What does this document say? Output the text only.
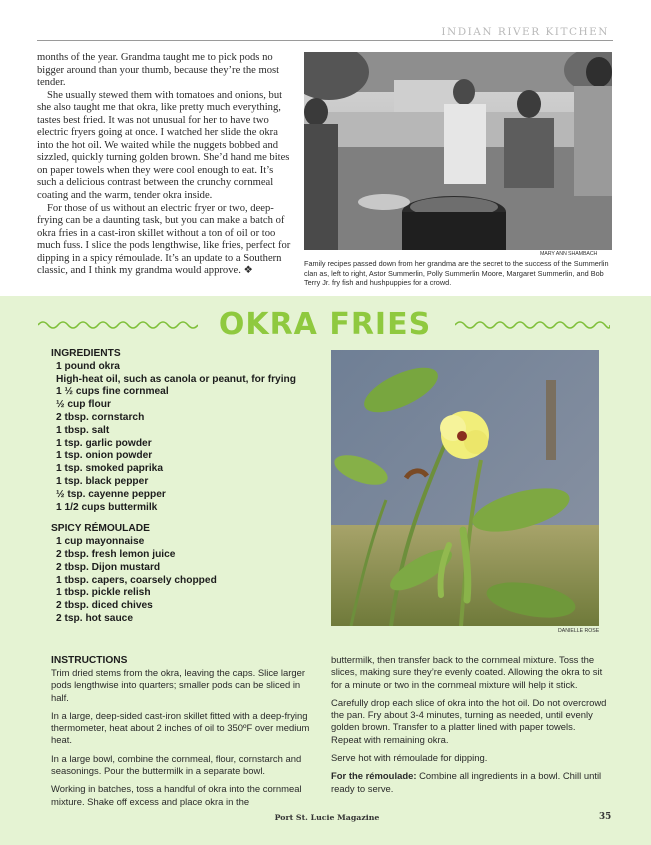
INDIAN RIVER KITCHEN

months of the year. Grandma taught me to pick pods no bigger around than your thumb, because they’re the most tender.

She usually stewed them with tomatoes and onions, but she also taught me that okra, like pretty much everything, tastes best fried. It was not unusual for her to have two electric fryers going at once. I watched her slide the okra into the hot oil. We waited while the nuggets bobbed and sizzled, quickly turning golden brown. She’d hand me bites on paper towels when they were cool enough to eat. It’s such a delicious contrast between the crunchy cornmeal coating and the warm, tender okra inside.

For those of us without an electric fryer or two, deep-frying can be a daunting task, but you can make a batch of okra fries in a cast-iron skillet without a ton of oil or too much fuss. I slice the pods lengthwise, like fries, perfect for dipping in a spicy rémoulade. It’s an update to a Southern classic, and I think my grandma would approve. ❖

MARY ANN SHAMBACH
Family recipes passed down from her grandma are the secret to the success of the Summerlin clan as, left to right, Astor Summerlin, Polly Summerlin Moore, Margaret Summerlin, and Bob Terry Jr. fry fish and hushpuppies for a crowd.
OKRA FRIES
INGREDIENTS
1 pound okra
High-heat oil, such as canola or peanut, for frying
1 ½ cups fine cornmeal
½ cup flour
2 tbsp. cornstarch
1 tbsp. salt
1 tsp. garlic powder
1 tsp. onion powder
1 tsp. smoked paprika
1 tsp. black pepper
½ tsp. cayenne pepper
1 1/2 cups buttermilk
SPICY RÉMOULADE
1 cup mayonnaise
2 tbsp. fresh lemon juice
2 tbsp. Dijon mustard
1 tbsp. capers, coarsely chopped
1 tbsp. pickle relish
2 tbsp. diced chives
2 tsp. hot sauce
DANIELLE ROSE
INSTRUCTIONS

Trim dried stems from the okra, leaving the caps. Slice larger pods lengthwise into quarters; smaller pods can be sliced in half.

In a large, deep-sided cast-iron skillet fitted with a deep-frying thermometer, heat about 2 inches of oil to 350ºF over medium heat.

In a large bowl, combine the cornmeal, flour, cornstarch and seasonings. Pour the buttermilk in a separate bowl.

Working in batches, toss a handful of okra into the cornmeal mixture. Shake off excess and place okra in the

buttermilk, then transfer back to the cornmeal mixture. Toss the slices, making sure they’re evenly coated. Allowing the okra to sit for a minute or two in the cornmeal mixture will help it stick.

Carefully drop each slice of okra into the hot oil. Do not overcrowd the pan. Fry about 3-4 minutes, turning as needed, until evenly golden brown. Transfer to a platter lined with paper towels. Repeat with remaining okra.

Serve hot with rémoulade for dipping.

For the rémoulade: Combine all ingredients in a bowl. Chill until ready to serve.

Port St. Lucie Magazine	35
